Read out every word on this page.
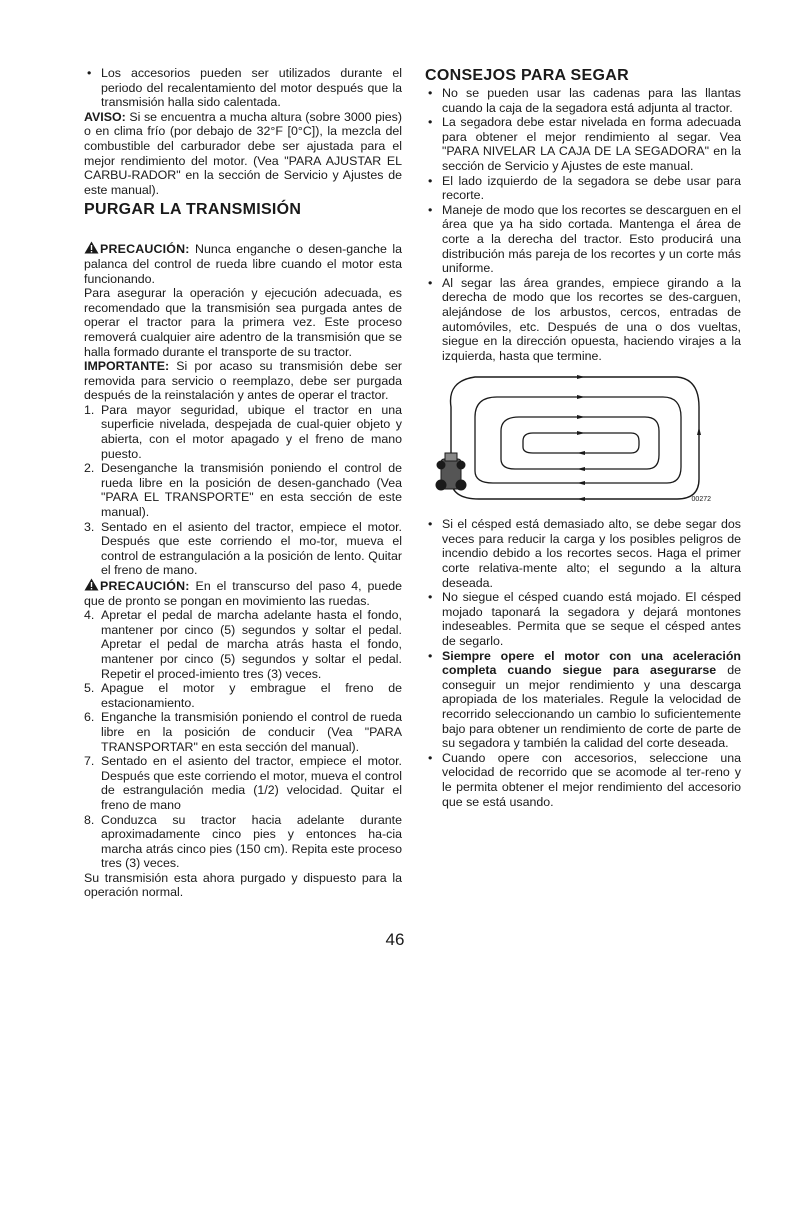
• Los accesorios pueden ser utilizados durante el periodo del recalentamiento del motor después que la transmisión halla sido calentada.

AVISO: Si se encuentra a mucha altura (sobre 3000 pies) o en clima frío (por debajo de 32°F [0°C]), la mezcla del combustible del carburador debe ser ajustada para el mejor rendimiento del motor. (Vea "PARA AJUSTAR EL CARBU-RADOR" en la sección de Servicio y Ajustes de este manual).

PURGAR LA TRANSMISIÓN

PRECAUCIÓN: Nunca enganche o desen-ganche la palanca del control de rueda libre cuando el motor esta funcionando.

Para asegurar la operación y ejecución adecuada, es recomendado que la transmisión sea purgada antes de operar el tractor para la primera vez. Este proceso removerá cualquier aire adentro de la transmisión que se halla formado durante el transporte de su tractor.

IMPORTANTE: Si por acaso su transmisión debe ser removida para servicio o reemplazo, debe ser purgada después de la reinstalación y antes de operar el tractor.

1. Para mayor seguridad, ubique el tractor en una superficie nivelada, despejada de cual-quier objeto y abierta, con el motor apagado y el freno de mano puesto.
2. Desenganche la transmisión poniendo el control de rueda libre en la posición de desen-ganchado (Vea "PARA EL TRANSPORTE" en esta sección de este manual).
3. Sentado en el asiento del tractor, empiece el motor. Después que este corriendo el mo-tor, mueva el control de estrangulación a la posición de lento. Quitar el freno de mano.

PRECAUCIÓN: En el transcurso del paso 4, puede que de pronto se pongan en movimiento las ruedas.

4. Apretar el pedal de marcha adelante hasta el fondo, mantener por cinco (5) segundos y soltar el pedal. Apretar el pedal de marcha atrás hasta el fondo, mantener por cinco (5) segundos y soltar el pedal. Repetir el proced-imiento tres (3) veces.
5. Apague el motor y embrague el freno de estacionamiento.
6. Enganche la transmisión poniendo el control de rueda libre en la posición de conducir (Vea "PARA TRANSPORTAR" en esta sección del manual).
7. Sentado en el asiento del tractor, empiece el motor. Después que este corriendo el motor, mueva el control de estrangulación media (1/2) velocidad. Quitar el freno de mano
8. Conduzca su tractor hacia adelante durante aproximadamente cinco pies y entonces ha-cia marcha atrás cinco pies (150 cm). Repita este proceso tres (3) veces.

Su transmisión esta ahora purgado y dispuesto para la operación normal.

CONSEJOS PARA SEGAR
• No se pueden usar las cadenas para las llantas cuando la caja de la segadora está adjunta al tractor.
• La segadora debe estar nivelada en forma adecuada para obtener el mejor rendimiento al segar. Vea "PARA NIVELAR LA CAJA DE LA SEGADORA" en la sección de Servicio y Ajustes de este manual.
• El lado izquierdo de la segadora se debe usar para recorte.
• Maneje de modo que los recortes se descarguen en el área que ya ha sido cortada. Mantenga el área de corte a la derecha del tractor. Esto producirá una distribución más pareja de los recortes y un corte más uniforme.
• Al segar las área grandes, empiece girando a la derecha de modo que los recortes se des-carguen, alejándose de los arbustos, cercos, entradas de automóviles, etc. Después de una o dos vueltas, siegue en la dirección opuesta, haciendo virajes a la izquierda, hasta que termine.
00272
• Si el césped está demasiado alto, se debe segar dos veces para reducir la carga y los posibles peligros de incendio debido a los recortes secos. Haga el primer corte relativa-mente alto; el segundo a la altura deseada.
• No siegue el césped cuando está mojado. El césped mojado taponará la segadora y dejará montones indeseables. Permita que se seque el césped antes de segarlo.
• Siempre opere el motor con una aceleración completa cuando siegue para asegurarse de conseguir un mejor rendimiento y una descarga apropiada de los materiales. Regule la velocidad de recorrido seleccionando un cambio lo suficientemente bajo para obtener un rendimiento de corte de parte de su segadora y también la calidad del corte deseada.
• Cuando opere con accesorios, seleccione una velocidad de recorrido que se acomode al ter-reno y le permita obtener el mejor rendimiento del accesorio que se está usando.
46
